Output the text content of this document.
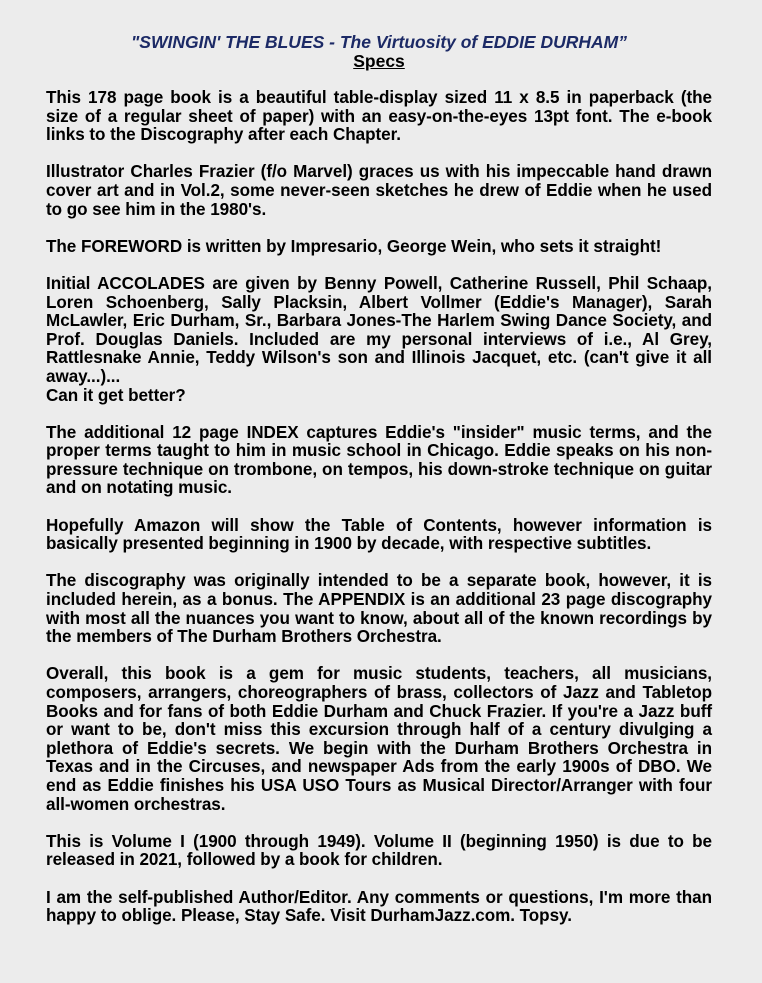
"SWINGIN' THE BLUES - The Virtuosity of EDDIE DURHAM”
Specs

This 178 page book is a beautiful table-display sized 11 x 8.5 in paperback (the size of a regular sheet of paper) with an easy-on-the-eyes 13pt font. The e-book links to the Discography after each Chapter.

Illustrator Charles Frazier (f/o Marvel) graces us with his impeccable hand drawn cover art and in Vol.2, some never-seen sketches he drew of Eddie when he used to go see him in the 1980's.

The FOREWORD is written by Impresario, George Wein, who sets it straight!

Initial ACCOLADES are given by Benny Powell, Catherine Russell, Phil Schaap, Loren Schoenberg, Sally Placksin, Albert Vollmer (Eddie's Manager), Sarah McLawler, Eric Durham, Sr., Barbara Jones-The Harlem Swing Dance Society, and Prof. Douglas Daniels. Included are my personal interviews of i.e., Al Grey, Rattlesnake Annie, Teddy Wilson's son and Illinois Jacquet, etc. (can't give it all away...)...
Can it get better?

The additional 12 page INDEX captures Eddie's "insider" music terms, and the proper terms taught to him in music school in Chicago. Eddie speaks on his non-pressure technique on trombone, on tempos, his down-stroke technique on guitar and on notating music.

Hopefully Amazon will show the Table of Contents, however information is basically presented beginning in 1900 by decade, with respective subtitles.

The discography was originally intended to be a separate book, however, it is included herein, as a bonus. The APPENDIX is an additional 23 page discography with most all the nuances you want to know, about all of the known recordings by the members of The Durham Brothers Orchestra.

Overall, this book is a gem for music students, teachers, all musicians, composers, arrangers, choreographers of brass, collectors of Jazz and Tabletop Books and for fans of both Eddie Durham and Chuck Frazier. If you're a Jazz buff or want to be, don't miss this excursion through half of a century divulging a plethora of Eddie's secrets. We begin with the Durham Brothers Orchestra in Texas and in the Circuses, and newspaper Ads from the early 1900s of DBO. We end as Eddie finishes his USA USO Tours as Musical Director/Arranger with four all-women orchestras.

This is Volume I (1900 through 1949). Volume II (beginning 1950) is due to be released in 2021, followed by a book for children.

I am the self-published Author/Editor. Any comments or questions, I'm more than happy to oblige. Please, Stay Safe. Visit DurhamJazz.com. Topsy.
